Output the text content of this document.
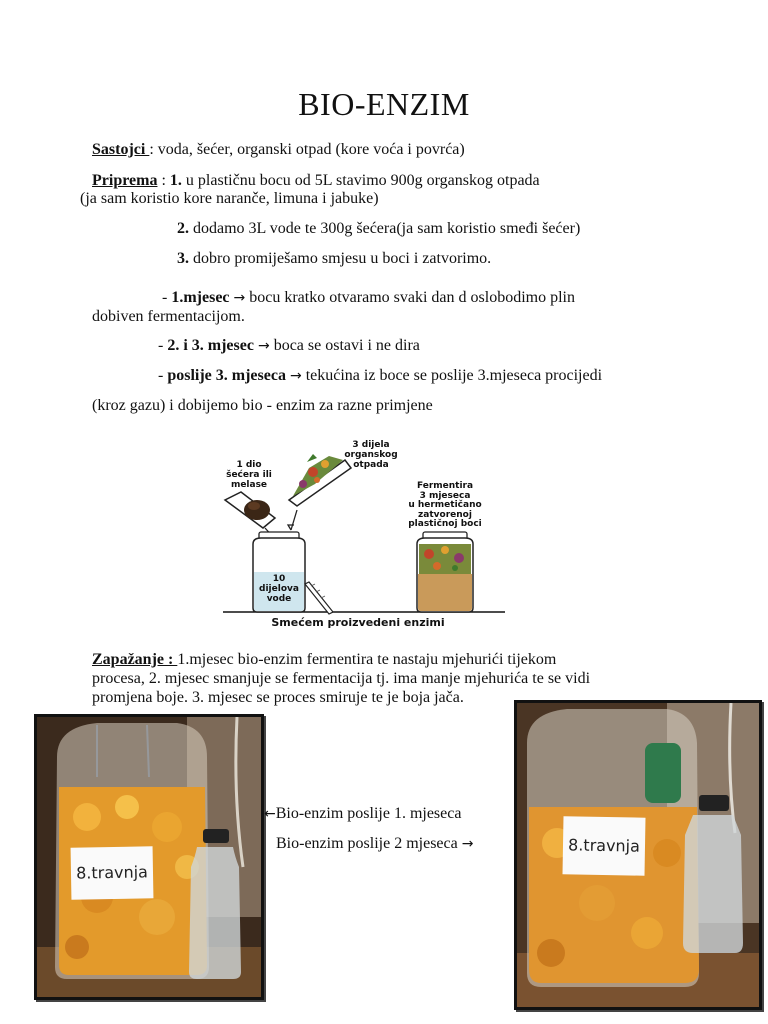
BIO-ENZIM
Sastojci : voda, šećer, organski otpad (kore voća i povrća)
Priprema : 1. u plastičnu bocu od 5L stavimo 900g organskog otpada
(ja sam koristio kore naranče, limuna i jabuke)
2. dodamo 3L vode te 300g šećera(ja sam koristio smeđi šećer)
3. dobro promiješamo smjesu u boci i zatvorimo.
- 1.mjesec → bocu kratko otvaramo svaki dan d oslobodimo plin
dobiven fermentacijom.
- 2. i 3. mjesec → boca se ostavi i ne dira
- poslije 3. mjeseca → tekućina iz boce se poslije 3.mjeseca procijedi
(kroz gazu) i dobijemo bio - enzim za razne primjene
1 dio
šećera ili
melase
3 dijela
organskog
otpada
10
dijelova
vode
Fermentira
3 mjeseca
u hermetičano
zatvorenoj
plastičnoj boci
Smećem proizvedeni enzimi
Zapažanje : 1.mjesec bio-enzim fermentira te nastaju mjehurići tijekom
procesa, 2. mjesec smanjuje se fermentacija tj. ima manje mjehurića te se vidi
promjena boje. 3. mjesec se proces smiruje te je boja jača.
8.travnja
8.travnja
←Bio-enzim poslije 1. mjeseca
Bio-enzim poslije 2 mjeseca →
